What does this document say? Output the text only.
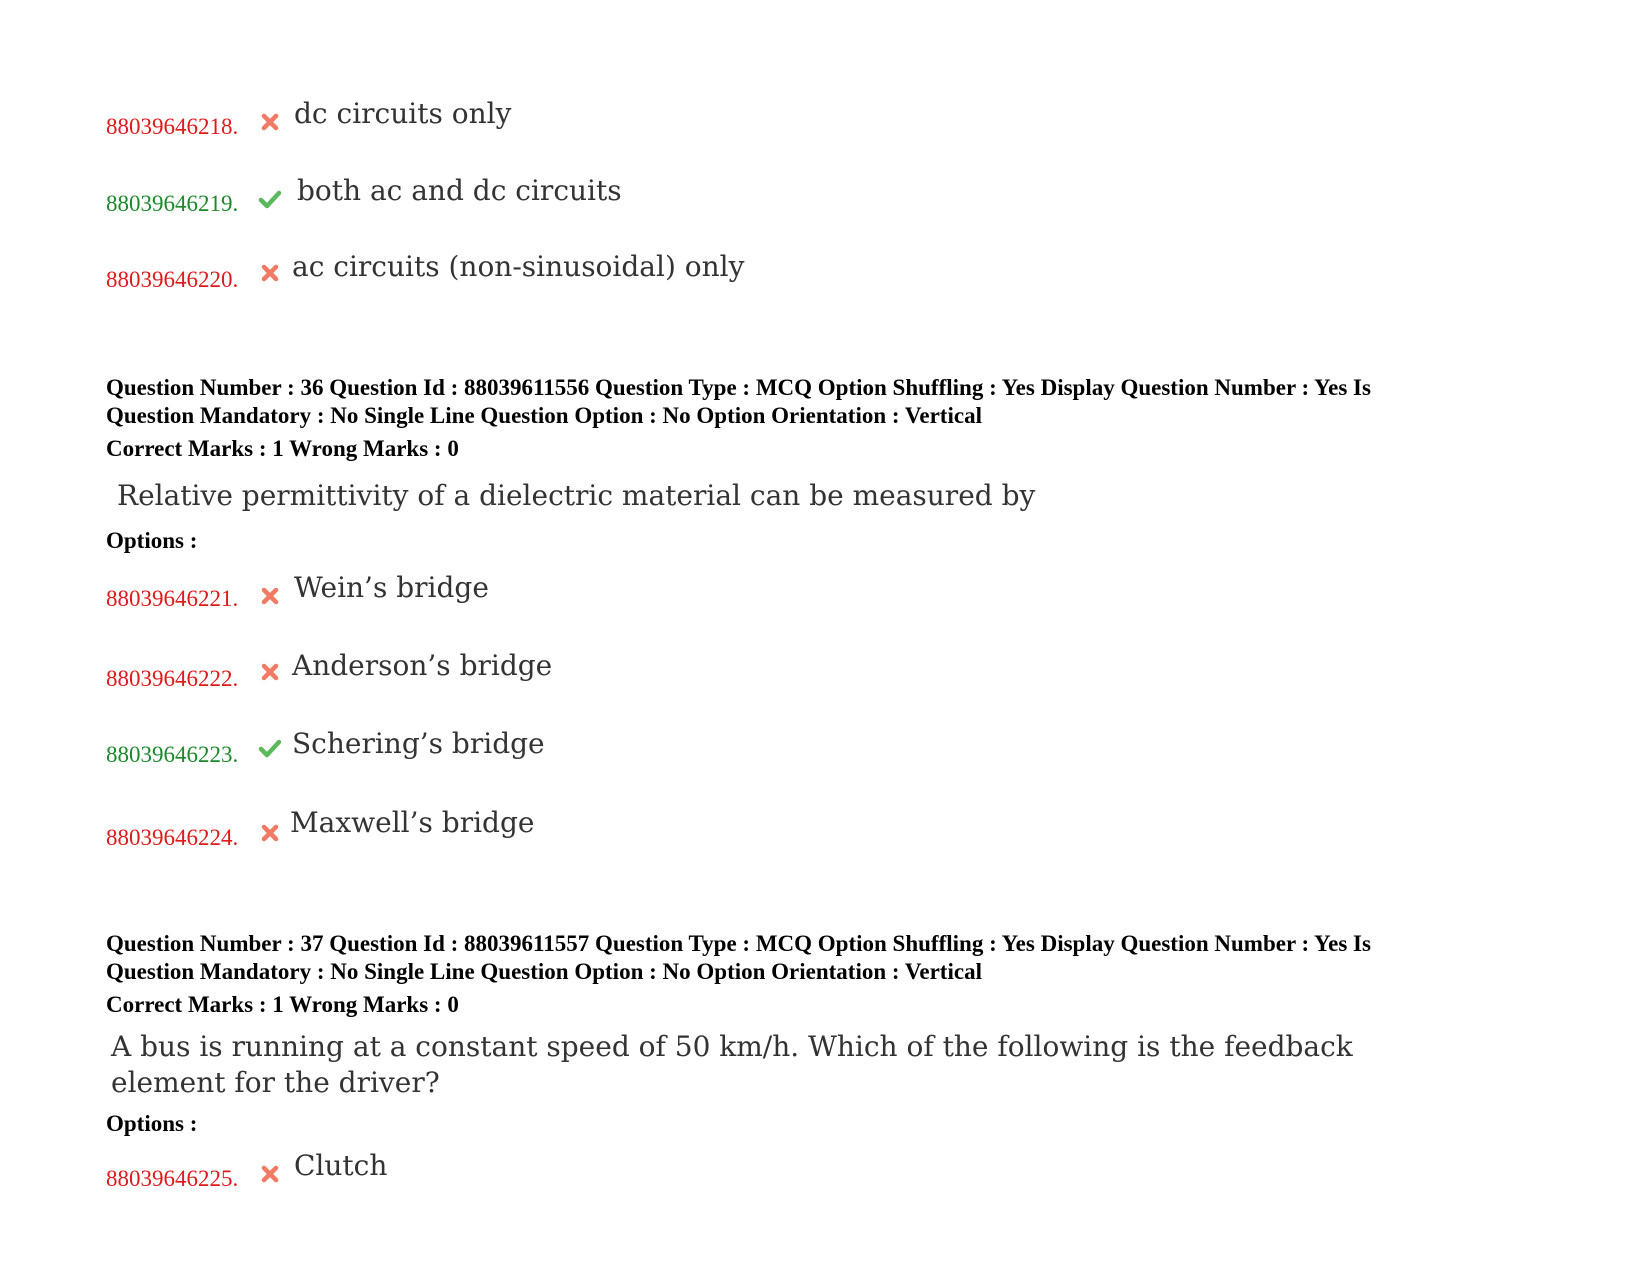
88039646218. dc circuits only
88039646219. both ac and dc circuits
88039646220. ac circuits (non-sinusoidal) only
Question Number : 36 Question Id : 88039611556 Question Type : MCQ Option Shuffling : Yes Display Question Number : Yes Is
Question Mandatory : No Single Line Question Option : No Option Orientation : Vertical
Correct Marks : 1 Wrong Marks : 0
Relative permittivity of a dielectric material can be measured by
Options :
88039646221. Wein’s bridge
88039646222. Anderson’s bridge
88039646223. Schering’s bridge
88039646224. Maxwell’s bridge
Question Number : 37 Question Id : 88039611557 Question Type : MCQ Option Shuffling : Yes Display Question Number : Yes Is
Question Mandatory : No Single Line Question Option : No Option Orientation : Vertical
Correct Marks : 1 Wrong Marks : 0
A bus is running at a constant speed of 50 km/h. Which of the following is the feedback
element for the driver?
Options :
88039646225. Clutch
